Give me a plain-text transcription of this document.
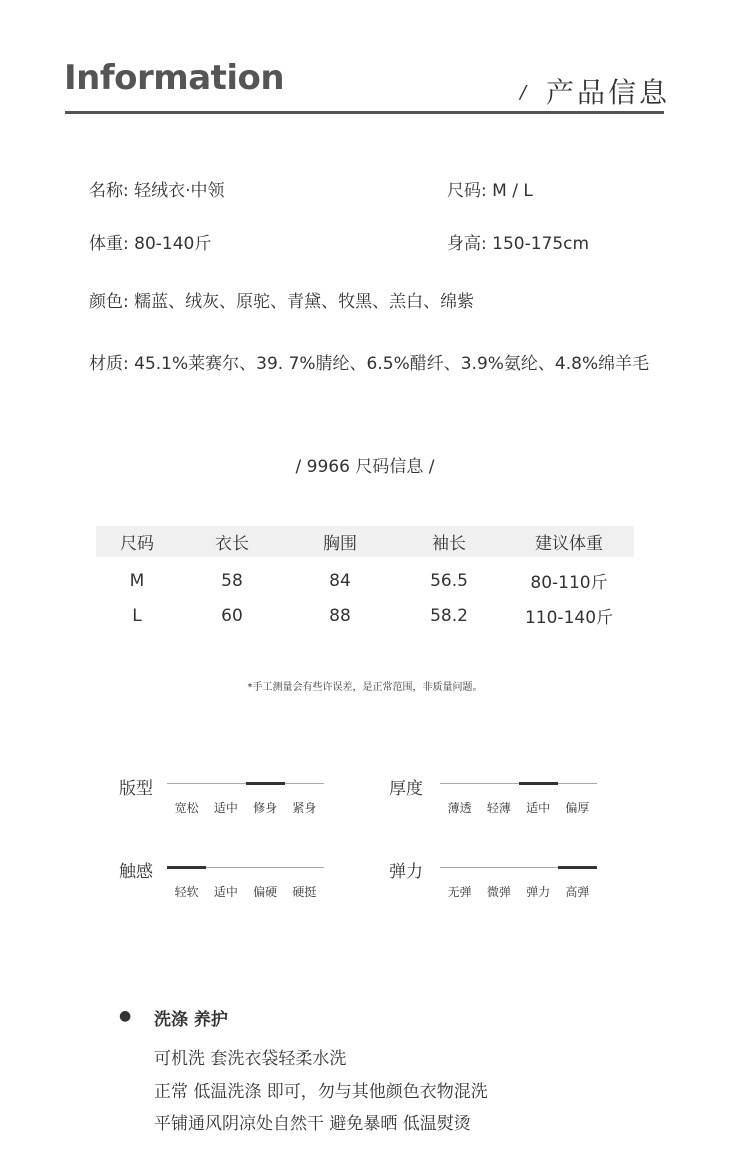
Information	/ 产品信息
名称: 轻绒衣·中领	尺码: M / L
体重: 80-140斤	身高: 150-175cm
颜色: 糯蓝、绒灰、原驼、青黛、牧黑、羔白、绵紫
材质: 45.1%莱赛尔、39. 7%腈纶、6.5%醋纤、3.9%氨纶、4.8%绵羊毛
/ 9966 尺码信息 /
尺码	衣长	胸围	袖长	建议体重

M	58	84	56.5	80-110斤
L	60	88	58.2	110-140斤
*手工测量会有些许误差，是正常范围，非质量问题。
版型
宽松	适中	修身	紧身
厚度
薄透	轻薄	适中	偏厚
触感
轻软	适中	偏硬	硬挺
弹力
无弹	微弹	弹力	高弹
● 洗涤 养护
可机洗 套洗衣袋轻柔水洗
正常 低温洗涤 即可，勿与其他颜色衣物混洗
平铺通风阴凉处自然干 避免暴晒 低温熨烫
